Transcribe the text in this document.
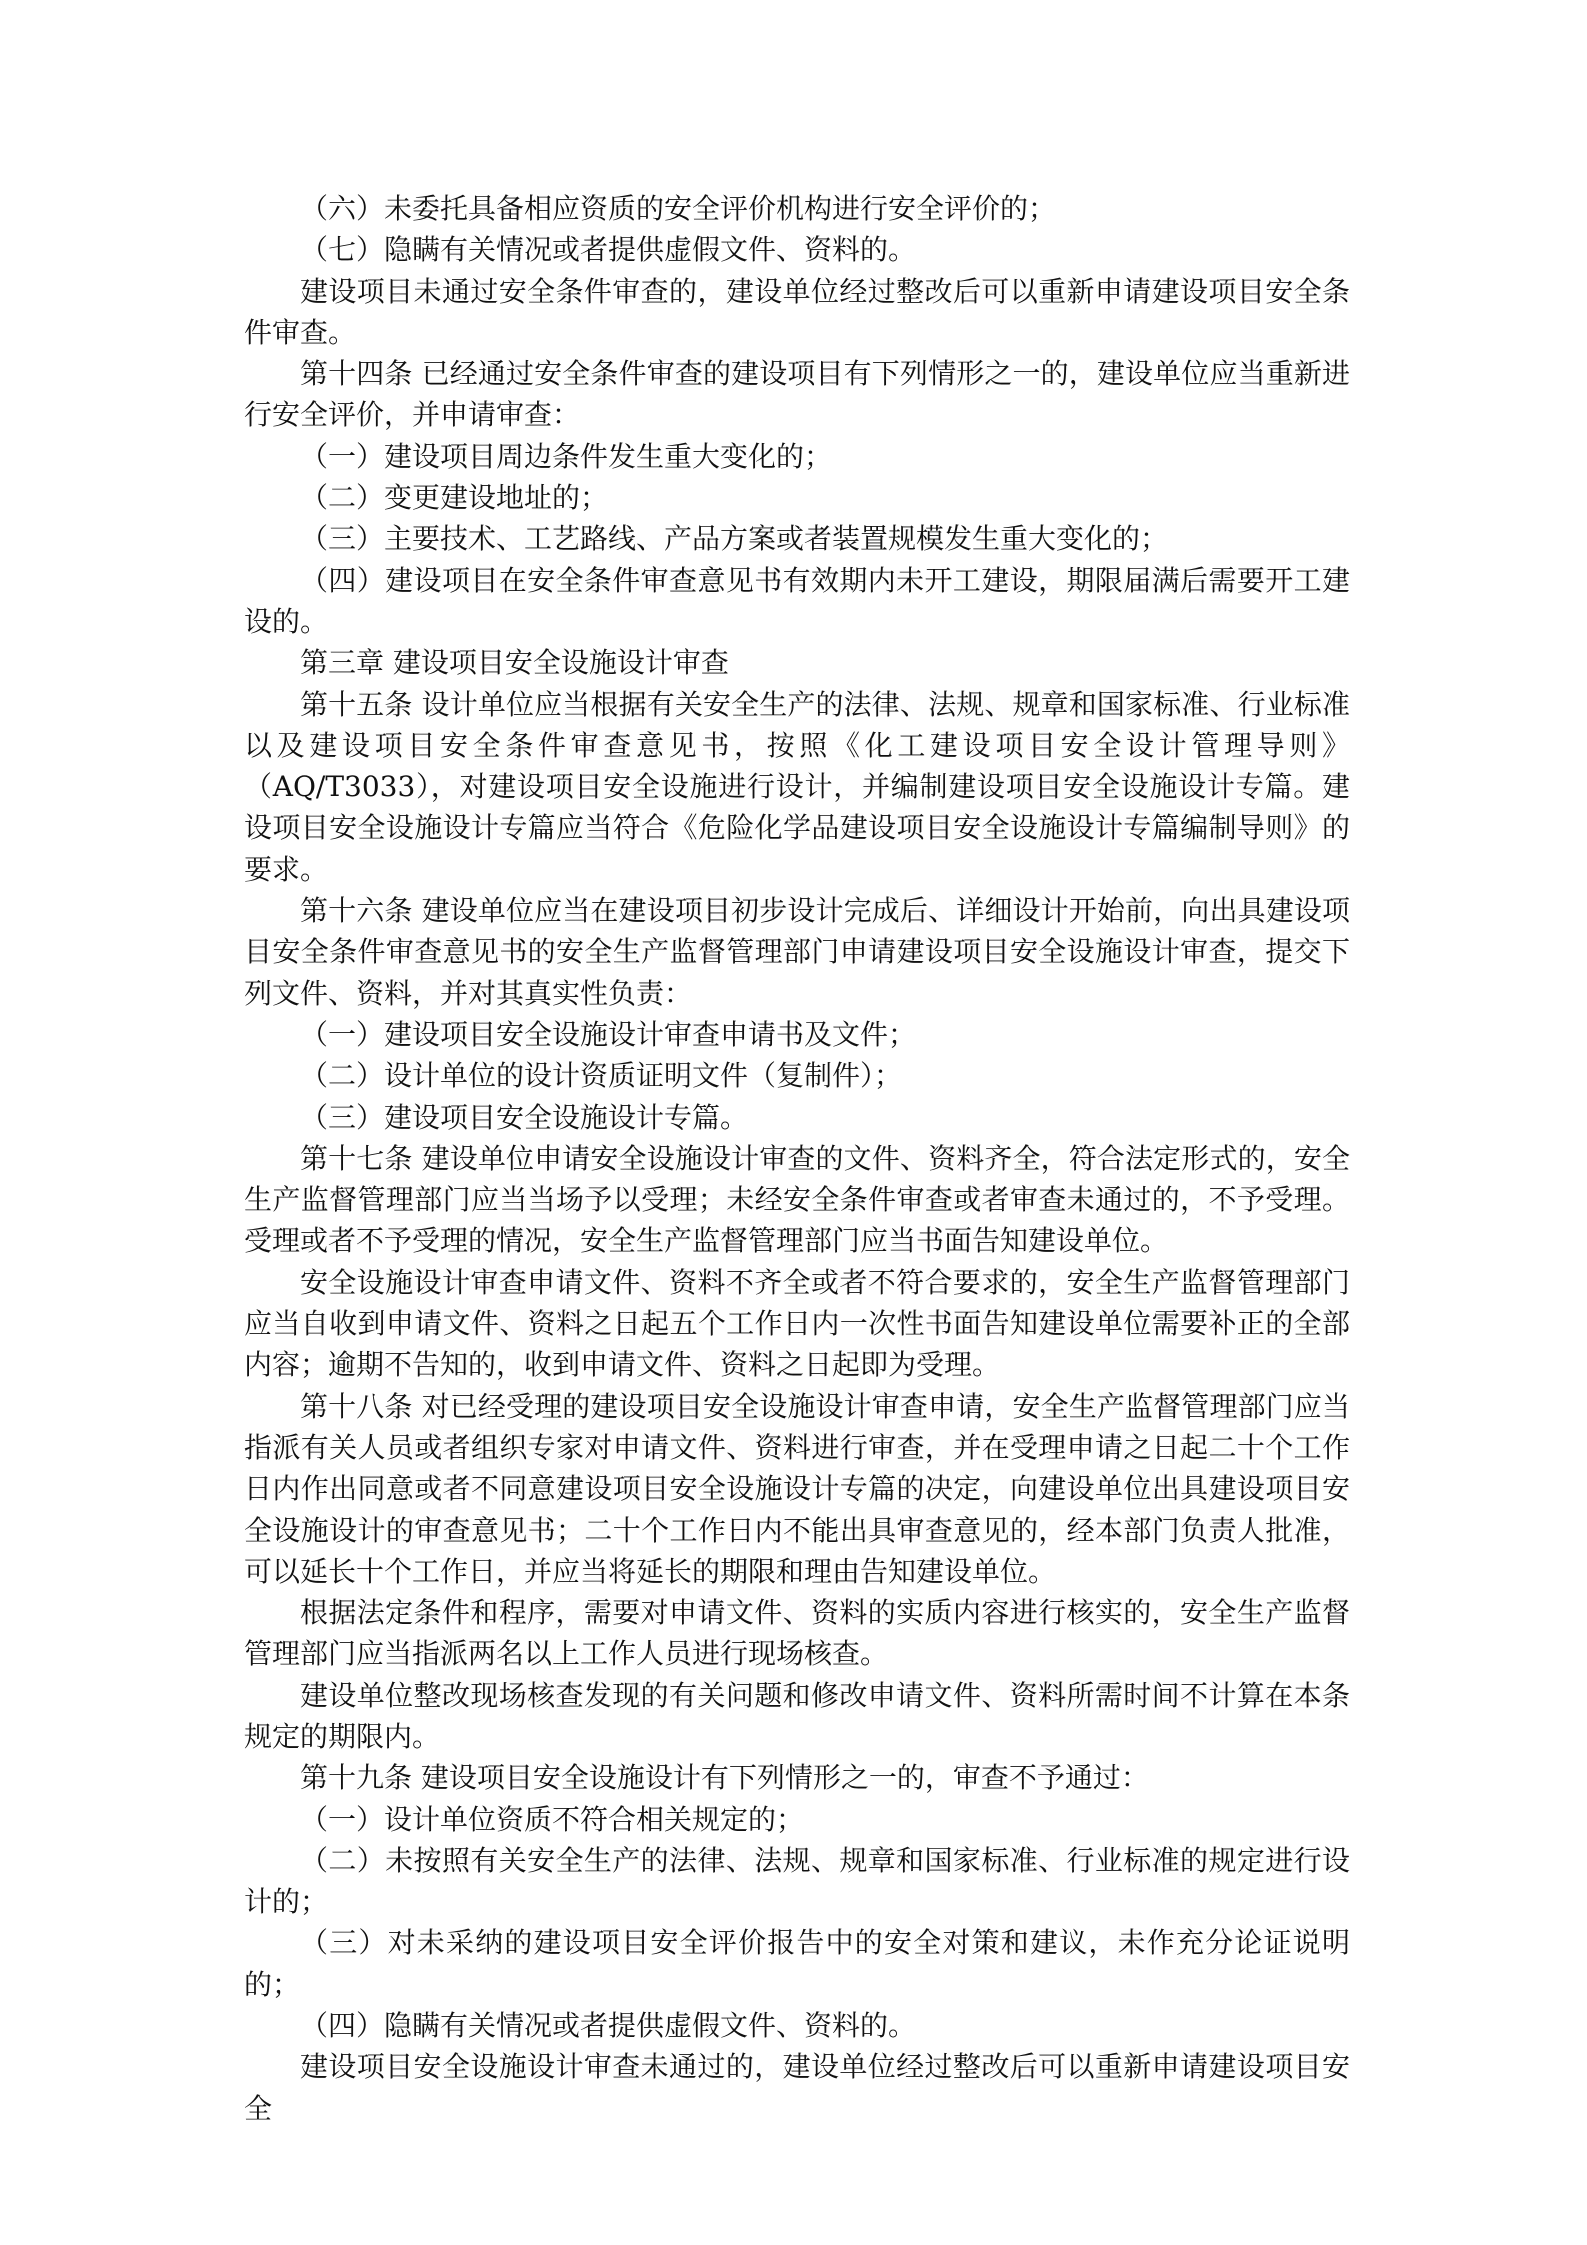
（六）未委托具备相应资质的安全评价机构进行安全评价的；

（七）隐瞒有关情况或者提供虚假文件、资料的。

建设项目未通过安全条件审查的，建设单位经过整改后可以重新申请建设项目安全条件审查。

第十四条 已经通过安全条件审查的建设项目有下列情形之一的，建设单位应当重新进行安全评价，并申请审查：

（一）建设项目周边条件发生重大变化的；

（二）变更建设地址的；

（三）主要技术、工艺路线、产品方案或者装置规模发生重大变化的；

（四）建设项目在安全条件审查意见书有效期内未开工建设，期限届满后需要开工建设的。

第三章 建设项目安全设施设计审查

第十五条 设计单位应当根据有关安全生产的法律、法规、规章和国家标准、行业标准以及建设项目安全条件审查意见书，按照《化工建设项目安全设计管理导则》（AQ/T3033），对建设项目安全设施进行设计，并编制建设项目安全设施设计专篇。建设项目安全设施设计专篇应当符合《危险化学品建设项目安全设施设计专篇编制导则》的要求。

第十六条 建设单位应当在建设项目初步设计完成后、详细设计开始前，向出具建设项目安全条件审查意见书的安全生产监督管理部门申请建设项目安全设施设计审查，提交下列文件、资料，并对其真实性负责：

（一）建设项目安全设施设计审查申请书及文件；

（二）设计单位的设计资质证明文件（复制件）；

（三）建设项目安全设施设计专篇。

第十七条 建设单位申请安全设施设计审查的文件、资料齐全，符合法定形式的，安全生产监督管理部门应当当场予以受理；未经安全条件审查或者审查未通过的，不予受理。受理或者不予受理的情况，安全生产监督管理部门应当书面告知建设单位。

安全设施设计审查申请文件、资料不齐全或者不符合要求的，安全生产监督管理部门应当自收到申请文件、资料之日起五个工作日内一次性书面告知建设单位需要补正的全部内容；逾期不告知的，收到申请文件、资料之日起即为受理。

第十八条 对已经受理的建设项目安全设施设计审查申请，安全生产监督管理部门应当指派有关人员或者组织专家对申请文件、资料进行审查，并在受理申请之日起二十个工作日内作出同意或者不同意建设项目安全设施设计专篇的决定，向建设单位出具建设项目安全设施设计的审查意见书；二十个工作日内不能出具审查意见的，经本部门负责人批准，可以延长十个工作日，并应当将延长的期限和理由告知建设单位。

根据法定条件和程序，需要对申请文件、资料的实质内容进行核实的，安全生产监督管理部门应当指派两名以上工作人员进行现场核查。

建设单位整改现场核查发现的有关问题和修改申请文件、资料所需时间不计算在本条规定的期限内。

第十九条 建设项目安全设施设计有下列情形之一的，审查不予通过：

（一）设计单位资质不符合相关规定的；

（二）未按照有关安全生产的法律、法规、规章和国家标准、行业标准的规定进行设计的；

（三）对未采纳的建设项目安全评价报告中的安全对策和建议，未作充分论证说明的；

（四）隐瞒有关情况或者提供虚假文件、资料的。

建设项目安全设施设计审查未通过的，建设单位经过整改后可以重新申请建设项目安全
